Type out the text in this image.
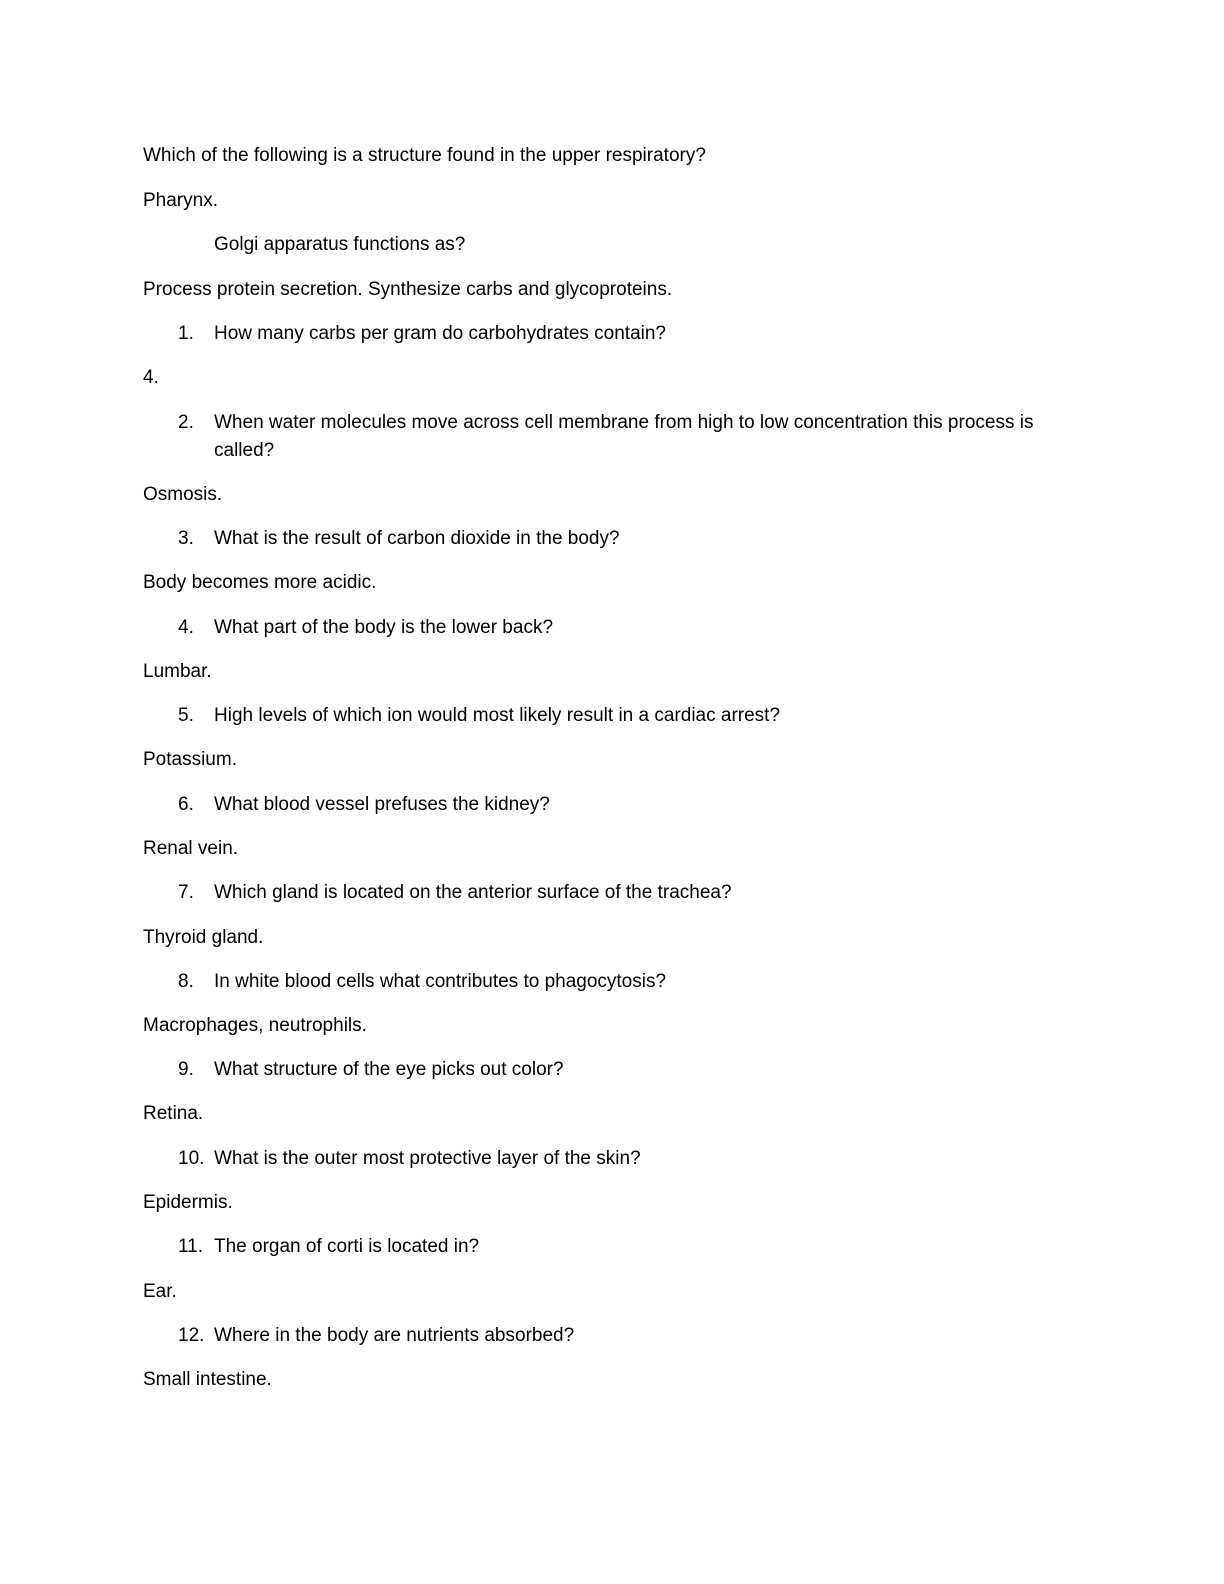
Which of the following is a structure found in the upper respiratory?
Pharynx.
Golgi apparatus functions as?
Process protein secretion. Synthesize carbs and glycoproteins.
1.	How many carbs per gram do carbohydrates contain?
4.
2.	When water molecules move across cell membrane from high to low concentration this process is called?
Osmosis.
3.	What is the result of carbon dioxide in the body?
Body becomes more acidic.
4.	What part of the body is the lower back?
Lumbar.
5.	High levels of which ion would most likely result in a cardiac arrest?
Potassium.
6.	What blood vessel prefuses the kidney?
Renal vein.
7.	Which gland is located on the anterior surface of the trachea?
Thyroid gland.
8.	In white blood cells what contributes to phagocytosis?
Macrophages, neutrophils.
9.	What structure of the eye picks out color?
Retina.
10. What is the outer most protective layer of the skin?
Epidermis.
11. The organ of corti is located in?
Ear.
12. Where in the body are nutrients absorbed?
Small intestine.
